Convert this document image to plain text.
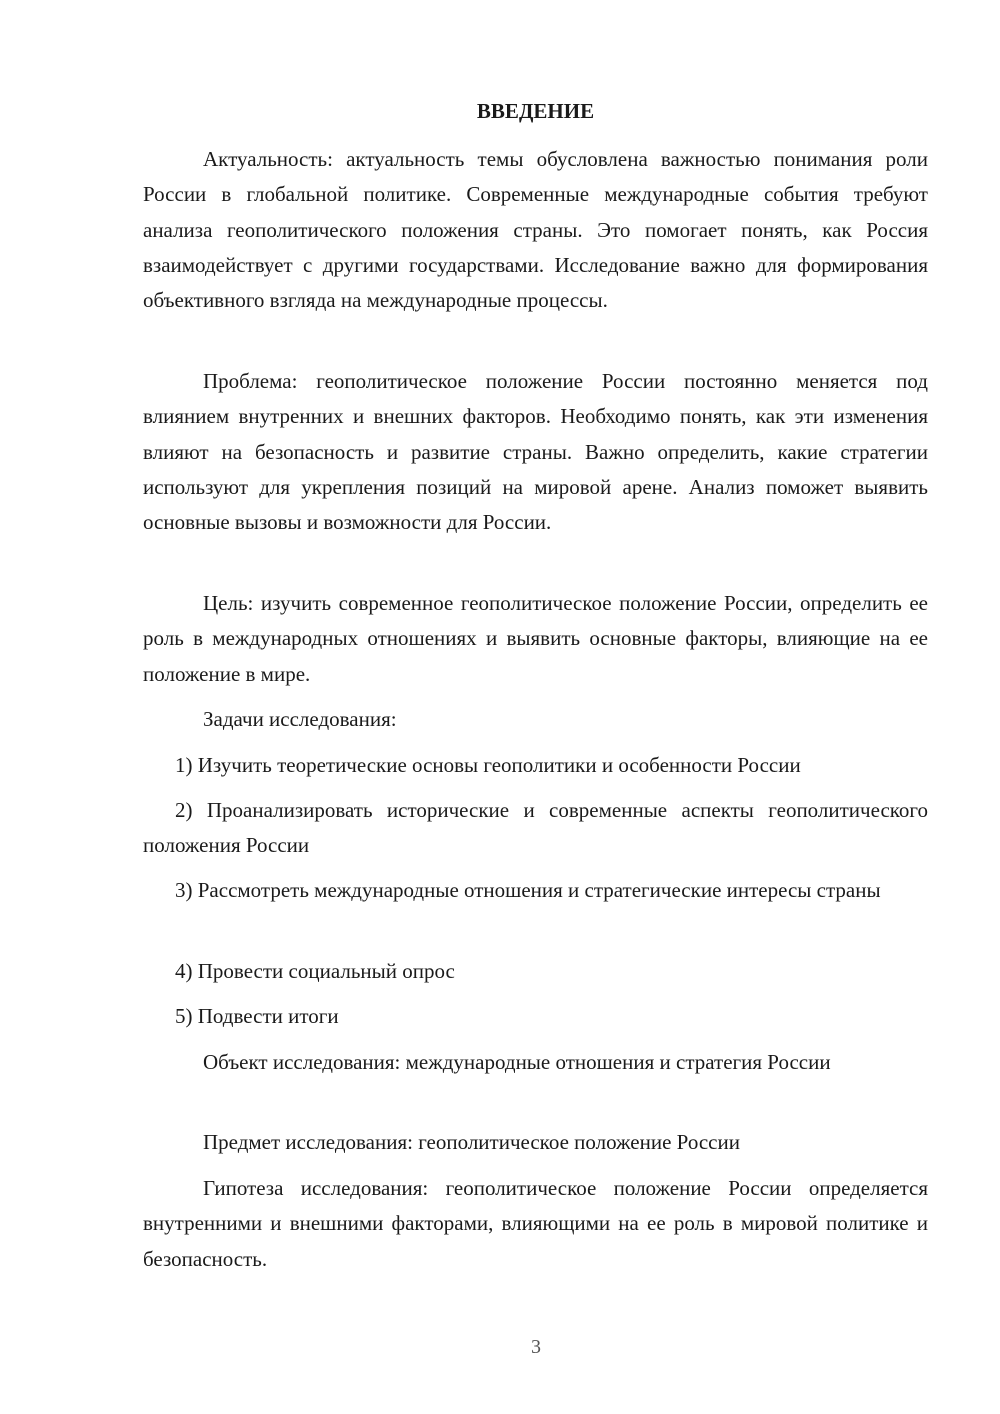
ВВЕДЕНИЕ

Актуальность: актуальность темы обусловлена важностью понимания роли России в глобальной политике. Современные международные события требуют анализа геополитического положения страны. Это помогает понять, как Россия взаимодействует с другими государствами. Исследование важно для формирования объективного взгляда на международные процессы.

Проблема: геополитическое положение России постоянно меняется под влиянием внутренних и внешних факторов. Необходимо понять, как эти изменения влияют на безопасность и развитие страны. Важно определить, какие стратегии используют для укрепления позиций на мировой арене. Анализ поможет выявить основные вызовы и возможности для России.

Цель: изучить современное геополитическое положение России, определить ее роль в международных отношениях и выявить основные факторы, влияющие на ее положение в мире.

Задачи исследования:

1) Изучить теоретические основы геополитики и особенности России

2) Проанализировать исторические и современные аспекты геополитического положения России

3) Рассмотреть международные отношения и стратегические интересы страны

4) Провести социальный опрос

5) Подвести итоги

Объект исследования: международные отношения и стратегия России

Предмет исследования: геополитическое положение России

Гипотеза исследования: геополитическое положение России определяется внутренними и внешними факторами, влияющими на ее роль в мировой политике и безопасность.

3
